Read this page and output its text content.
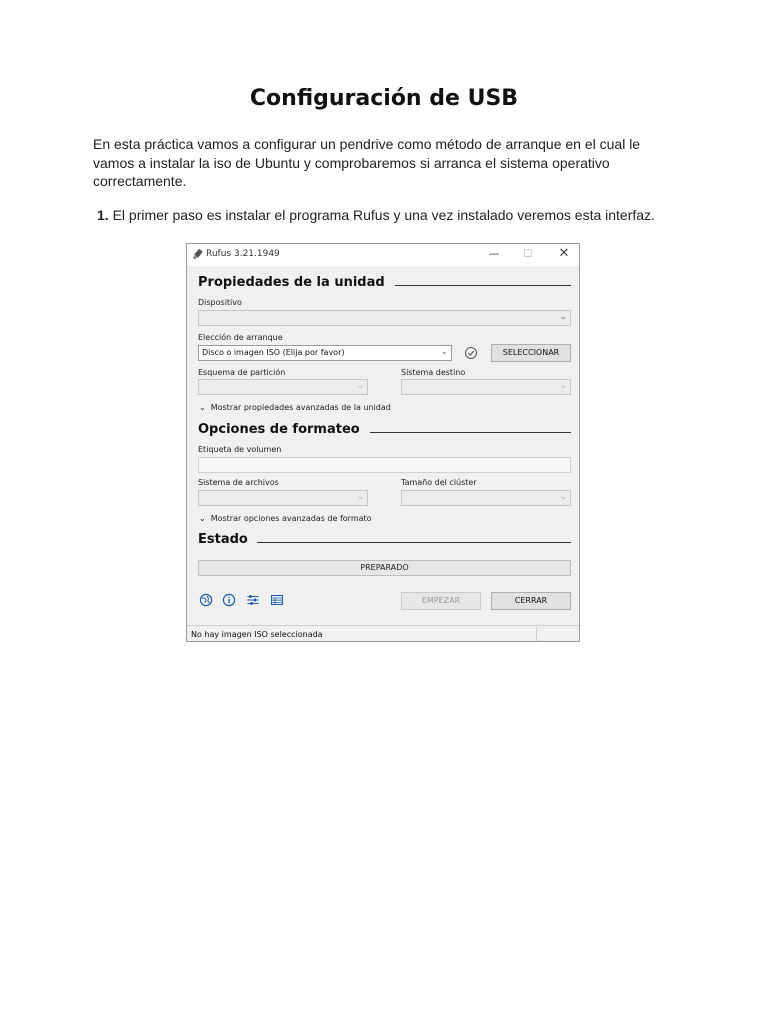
Configuración de USB
En esta práctica vamos a configurar un pendrive como método de arranque en el cual le vamos a instalar la iso de Ubuntu y comprobaremos si arranca el sistema operativo correctamente.
1. El primer paso es instalar el programa Rufus y una vez instalado veremos esta interfaz.
Rufus 3.21.1949	—	☐	✕
Propiedades de la unidad
Dispositivo
⌄
Elección de arranque
Disco o imagen ISO (Elija por favor)	⌄	SELECCIONAR
Esquema de partición
⌄
Sistema destino
⌄
⌄ Mostrar propiedades avanzadas de la unidad
Opciones de formateo
Etiqueta de volumen
Sistema de archivos
⌄
Tamaño del clúster
⌄
⌄ Mostrar opciones avanzadas de formato
Estado
PREPARADO
EMPEZAR	CERRAR
No hay imagen ISO seleccionada
